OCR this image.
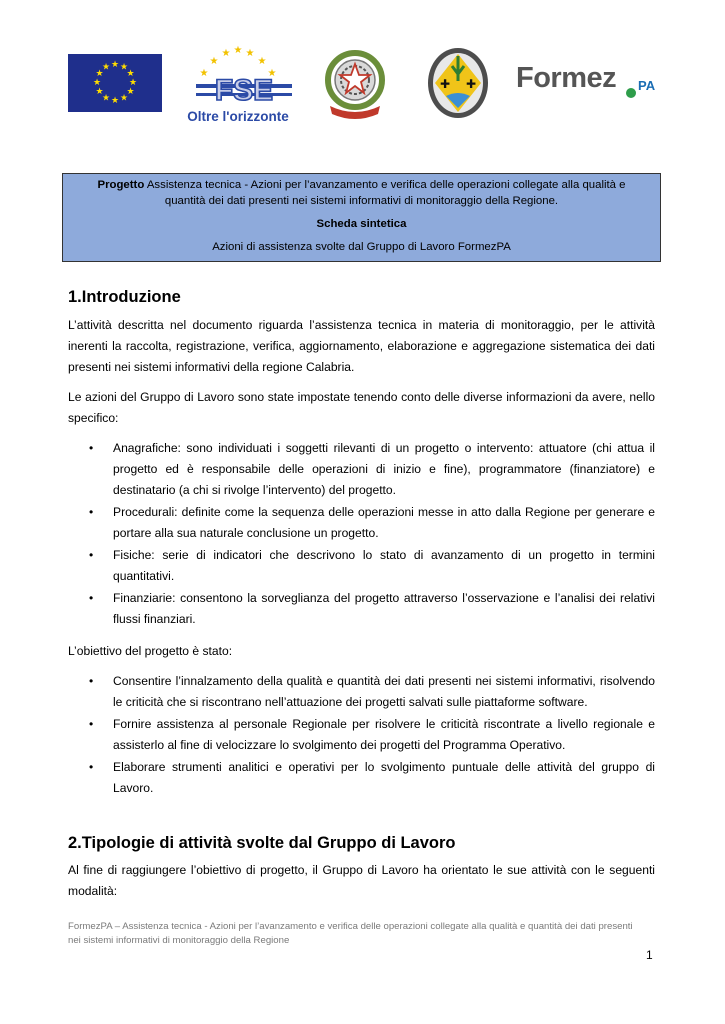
★ ★
★
★
★
★
★
★
★
★
★
★
★
★ ★ ★
★
★	★
FSE
Oltre l'orizzonte
✚ ✚ Formez PA

Progetto Assistenza tecnica - Azioni per l’avanzamento e verifica delle operazioni collegate alla qualità e

quantità dei dati presenti nei sistemi informativi di monitoraggio della Regione.

Scheda sintetica

Azioni di assistenza svolte dal Gruppo di Lavoro FormezPA

1.Introduzione

L’attività descritta nel documento riguarda l’assistenza tecnica in materia di monitoraggio, per le attività inerenti la raccolta, registrazione, verifica, aggiornamento, elaborazione e aggregazione sistematica dei dati presenti nei sistemi informativi della regione Calabria.

Le azioni del Gruppo di Lavoro sono state impostate tenendo conto delle diverse informazioni da avere, nello specifico:

• Anagrafiche: sono individuati i soggetti rilevanti di un progetto o intervento: attuatore (chi attua il progetto ed è responsabile delle operazioni di inizio e fine), programmatore (finanziatore) e destinatario (a chi si rivolge l’intervento) del progetto.
• Procedurali: definite come la sequenza delle operazioni messe in atto dalla Regione per generare e portare alla sua naturale conclusione un progetto.
• Fisiche: serie di indicatori che descrivono lo stato di avanzamento di un progetto in termini quantitativi.
• Finanziarie: consentono la sorveglianza del progetto attraverso l’osservazione e l’analisi dei relativi flussi finanziari.

L’obiettivo del progetto è stato:

• Consentire l’innalzamento della qualità e quantità dei dati presenti nei sistemi informativi, risolvendo le criticità che si riscontrano nell’attuazione dei progetti salvati sulle piattaforme software.
• Fornire assistenza al personale Regionale per risolvere le criticità riscontrate a livello regionale e assisterlo al fine di velocizzare lo svolgimento dei progetti del Programma Operativo.
• Elaborare strumenti analitici e operativi per lo svolgimento puntuale delle attività del gruppo di Lavoro.
2.Tipologie di attività svolte dal Gruppo di Lavoro

Al fine di raggiungere l’obiettivo di progetto, il Gruppo di Lavoro ha orientato le sue attività con le seguenti modalità:

FormezPA – Assistenza tecnica - Azioni per l’avanzamento e verifica delle operazioni collegate alla qualità e quantità dei dati presenti nei sistemi informativi di monitoraggio della Regione

1
